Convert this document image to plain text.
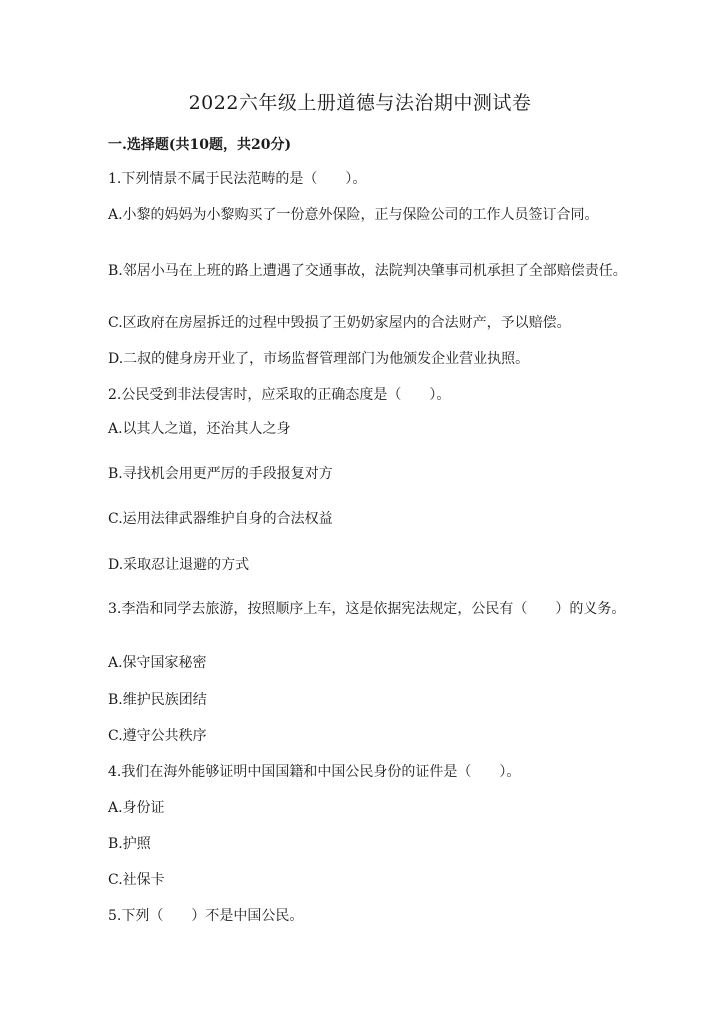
2022六年级上册道德与法治期中测试卷
一.选择题(共10题，共20分)
1.下列情景不属于民法范畴的是（　　）。
A.小黎的妈妈为小黎购买了一份意外保险，正与保险公司的工作人员签订合同。
B.邻居小马在上班的路上遭遇了交通事故，法院判决肇事司机承担了全部赔偿责任。
C.区政府在房屋拆迁的过程中毁损了王奶奶家屋内的合法财产，予以赔偿。
D.二叔的健身房开业了，市场监督管理部门为他颁发企业营业执照。
2.公民受到非法侵害时，应采取的正确态度是（　　）。
A.以其人之道，还治其人之身
B.寻找机会用更严厉的手段报复对方
C.运用法律武器维护自身的合法权益
D.采取忍让退避的方式
3.李浩和同学去旅游，按照顺序上车，这是依据宪法规定，公民有（　　）的义务。
A.保守国家秘密
B.维护民族团结
C.遵守公共秩序
4.我们在海外能够证明中国国籍和中国公民身份的证件是（　　）。
A.身份证
B.护照
C.社保卡
5.下列（　　）不是中国公民。
